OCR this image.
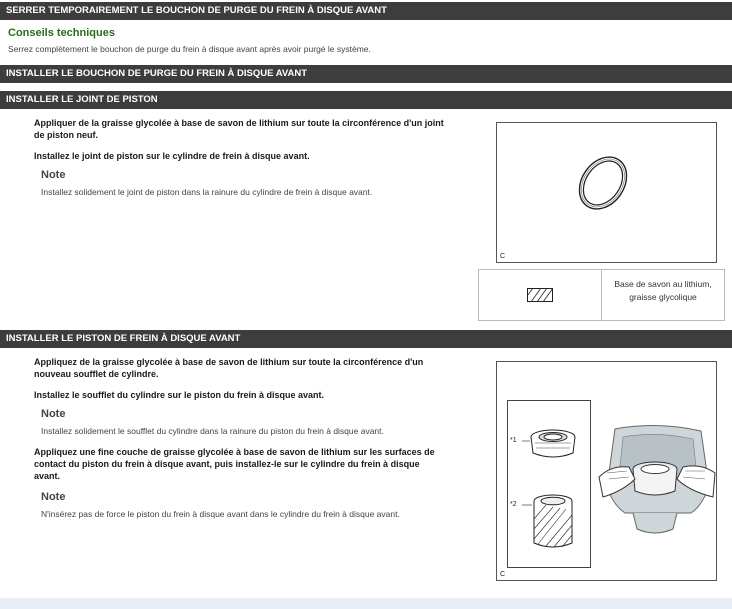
SERRER TEMPORAIREMENT LE BOUCHON DE PURGE DU FREIN À DISQUE AVANT
Conseils techniques
Serrez complètement le bouchon de purge du frein à disque avant après avoir purgé le système.
INSTALLER LE BOUCHON DE PURGE DU FREIN À DISQUE AVANT
INSTALLER LE JOINT DE PISTON
Appliquer de la graisse glycolée à base de savon de lithium sur toute la circonférence d'un joint
de piston neuf.
Installez le joint de piston sur le cylindre de frein à disque avant.
Note
Installez solidement le joint de piston dans la rainure du cylindre de frein à disque avant.
C
Base de savon au lithium,
graisse glycolique
INSTALLER LE PISTON DE FREIN À DISQUE AVANT
Appliquez de la graisse glycolée à base de savon de lithium sur toute la circonférence d'un
nouveau soufflet de cylindre.
Installez le soufflet du cylindre sur le piston du frein à disque avant.
Note
Installez solidement le soufflet du cylindre dans la rainure du piston du frein à disque avant.
Appliquez une fine couche de graisse glycolée à base de savon de lithium sur les surfaces de
contact du piston du frein à disque avant, puis installez-le sur le cylindre du frein à disque
avant.
Note
N'insérez pas de force le piston du frein à disque avant dans le cylindre du frein à disque avant.
*1
*2
C
